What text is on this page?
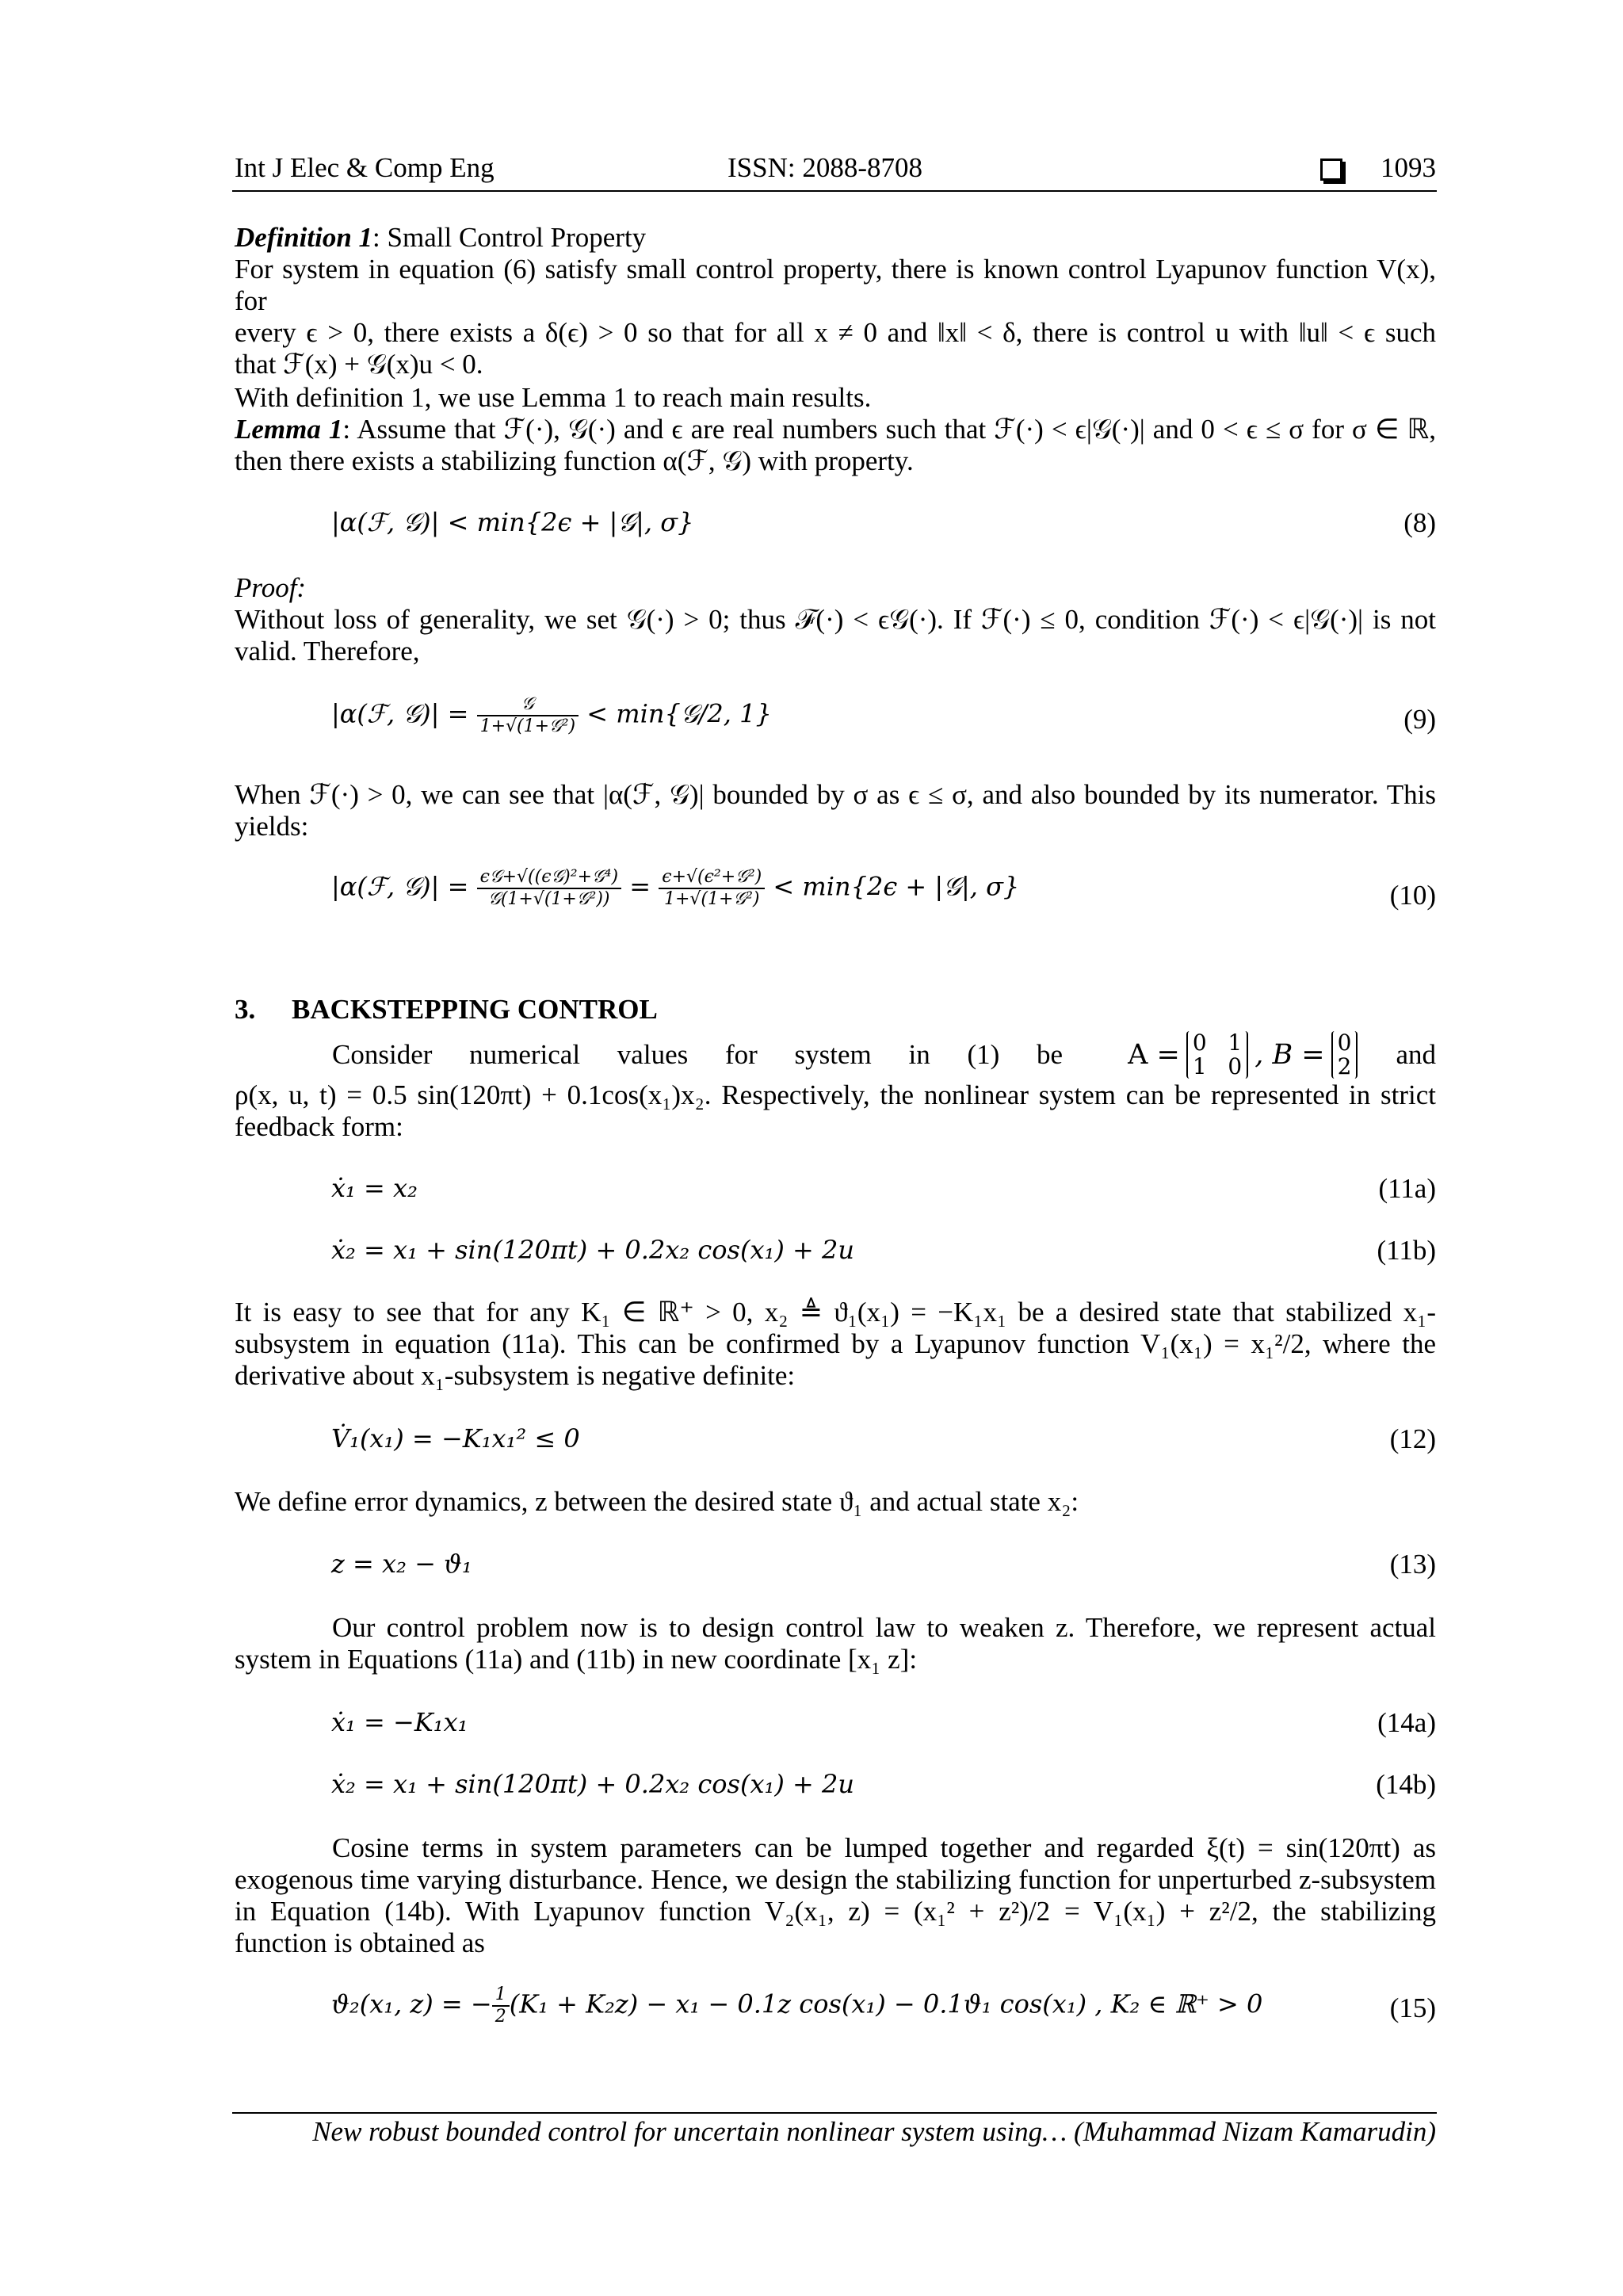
Int J Elec & Comp Eng	ISSN: 2088-8708	1093
Definition 1: Small Control Property
For system in equation (6) satisfy small control property, there is known control Lyapunov function V(x), for
every ϵ > 0, there exists a δ(ϵ) > 0 so that for all x ≠ 0 and ‖x‖ < δ, there is control u with ‖u‖ < ϵ such
that ℱ(x) + 𝒢(x)u < 0.
With definition 1, we use Lemma 1 to reach main results.
Lemma 1: Assume that ℱ(·), 𝒢(·) and ϵ are real numbers such that ℱ(·) < ϵ|𝒢(·)| and 0 < ϵ ≤ σ for σ ∈ ℝ,
then there exists a stabilizing function α(ℱ, 𝒢) with property.
|α(ℱ, 𝒢)| < min{2ϵ + |𝒢|, σ}	(8)
Proof:
Without loss of generality, we set 𝒢(·) > 0; thus ℱ(·) < ϵ𝒢(·). If ℱ(·) ≤ 0, condition ℱ(·) < ϵ|𝒢(·)| is not
valid. Therefore,
|α(ℱ, 𝒢)| = $\frac{\text{𝒢}}{\text{1+√(1+𝒢²)}}$ < min{𝒢/2, 1}	(9)
When ℱ(·) > 0, we can see that |α(ℱ, 𝒢)| bounded by σ as ϵ ≤ σ, and also bounded by its numerator. This
yields:
|α(ℱ, 𝒢)| = $\frac{\text{ϵ𝒢+√((ϵ𝒢)²+𝒢⁴)}}{\text{𝒢(1+√(1+𝒢²))}} = \frac{\text{ϵ+√(ϵ²+𝒢²)}}{\text{1+√(1+𝒢²)}} < \min\{2\epsilon$ + |𝒢|, σ}	(10)
3. BACKSTEPPING CONTROL
Consider numerical values for system in (1) be A = 0   1
1   0 , B = 0
2 and
ρ(x, u, t) = 0.5 sin(120πt) + 0.1cos(x₁)x₂. Respectively, the nonlinear system can be represented in strict
feedback form:
ẋ₁ = x₂	(11a)
ẋ₂ = x₁ + sin(120πt) + 0.2x₂ cos(x₁) + 2u	(11b)
It is easy to see that for any K₁ ∈ ℝ⁺ > 0, x₂ ≜ ϑ₁(x₁) = −K₁x₁ be a desired state that stabilized x₁-
subsystem in equation (11a). This can be confirmed by a Lyapunov function V₁(x₁) = x₁²/2, where the
derivative about x₁-subsystem is negative definite:
V̇₁(x₁) = −K₁x₁² ≤ 0	(12)
We define error dynamics, z between the desired state ϑ₁ and actual state x₂:
z = x₂ − ϑ₁	(13)
Our control problem now is to design control law to weaken z. Therefore, we represent actual
system in Equations (11a) and (11b) in new coordinate [x₁ z]:
ẋ₁ = −K₁x₁	(14a)
ẋ₂ = x₁ + sin(120πt) + 0.2x₂ cos(x₁) + 2u	(14b)
Cosine terms in system parameters can be lumped together and regarded ξ(t) = sin(120πt) as
exogenous time varying disturbance. Hence, we design the stabilizing function for unperturbed z-subsystem
in Equation (14b). With Lyapunov function V₂(x₁, z) = (x₁² + z²)/2 = V₁(x₁) + z²/2, the stabilizing
function is obtained as
ϑ₂(x₁, z) = − $\frac{1}{2} (K_1 + K_2z) - x_1 - 0.1z$ cos(x₁) − 0.1ϑ₁ cos(x₁) , K₂ ∈ ℝ⁺ > 0	(15)
New robust bounded control for uncertain nonlinear system using… (Muhammad Nizam Kamarudin)
